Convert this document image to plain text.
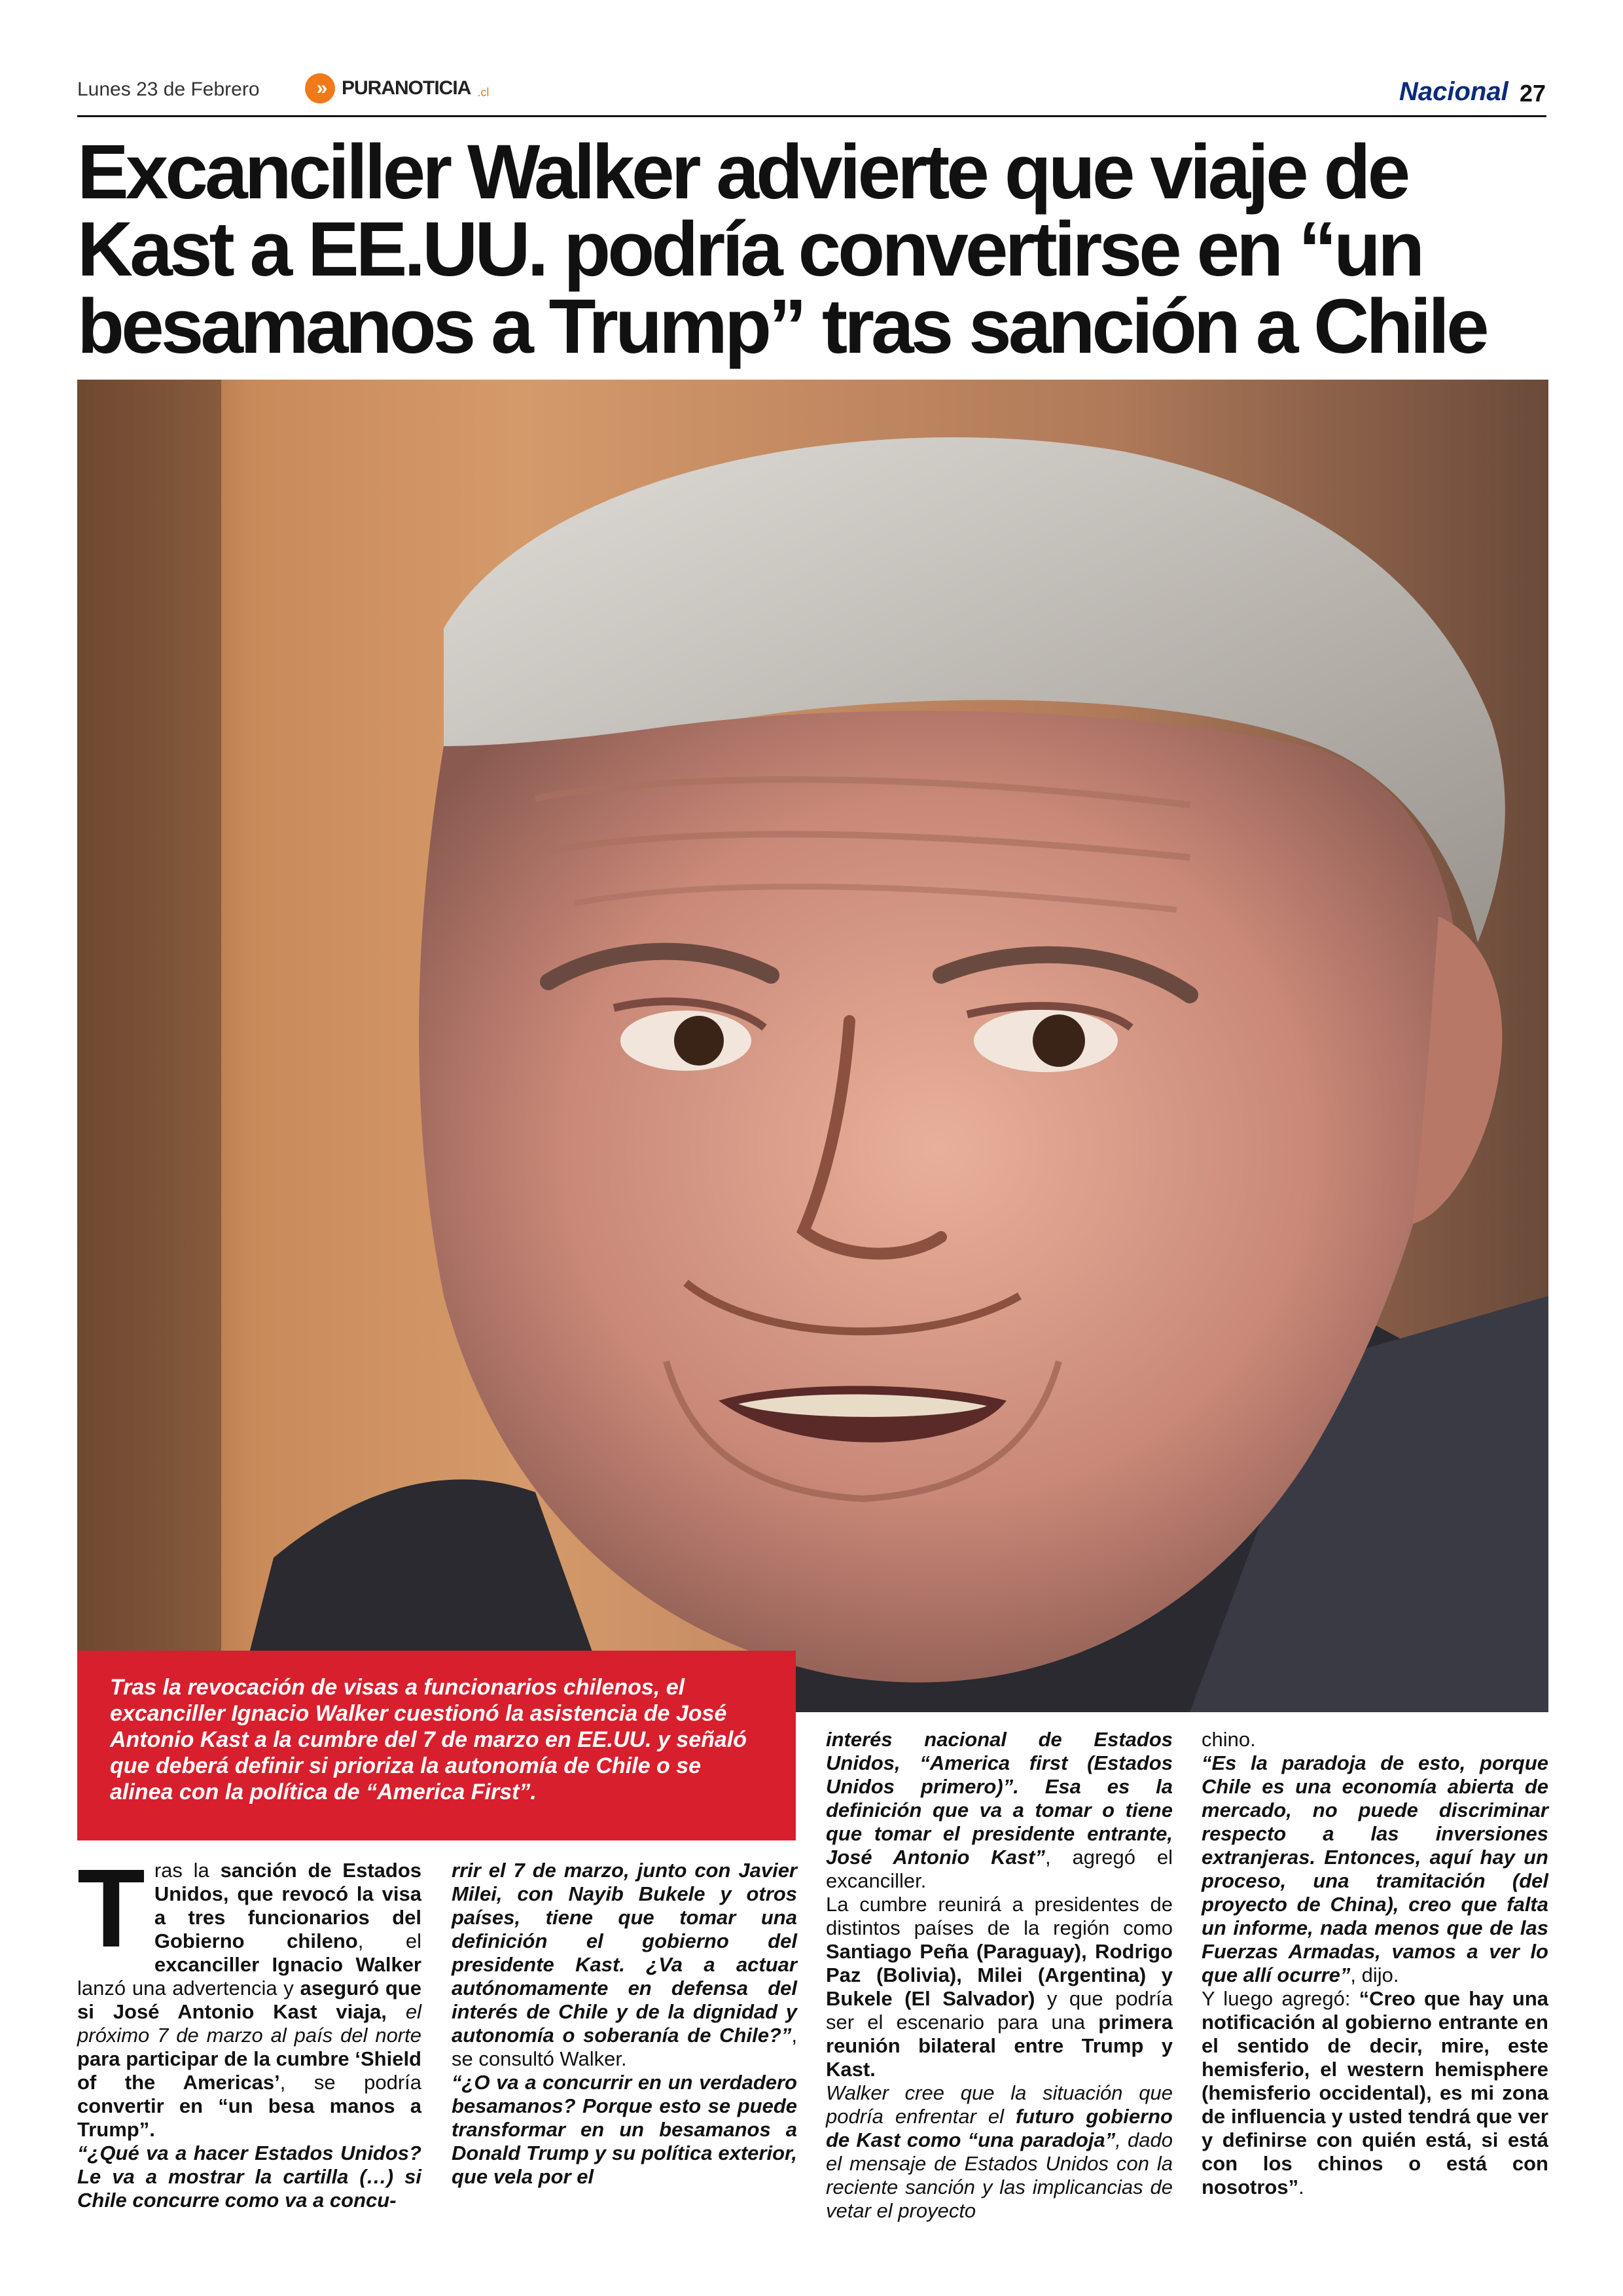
Lunes 23 de Febrero	» PURANOTICIA .cl	Nacional 27
Excanciller Walker advierte que viaje de Kast a EE.UU. podría convertirse en “un besamanos a Trump” tras sanción a Chile
Tras la revocación de visas a funcionarios chilenos, el excanciller Ignacio Walker cuestionó la asistencia de José Antonio Kast a la cumbre del 7 de marzo en EE.UU. y señaló que deberá definir si prioriza la autonomía de Chile o se alinea con la política de “America First”.

Tras la sanción de Estados Unidos, que revocó la visa a tres funcionarios del Gobierno chileno, el excanciller Ignacio Walker lanzó una advertencia y aseguró que si José Antonio Kast viaja, el próximo 7 de marzo al país del norte para participar de la cumbre ‘Shield of the Americas’, se podría convertir en “un besa manos a Trump”.

“¿Qué va a hacer Estados Unidos? Le va a mostrar la cartilla (…) si Chile concurre como va a concu-

rrir el 7 de marzo, junto con Javier Milei, con Nayib Bukele y otros países, tiene que tomar una definición el gobierno del presidente Kast. ¿Va a actuar autónomamente en defensa del interés de Chile y de la dignidad y autonomía o soberanía de Chile?”, se consultó Walker.

“¿O va a concurrir en un verdadero besamanos? Porque esto se puede transformar en un besamanos a Donald Trump y su política exterior, que vela por el

interés nacional de Estados Unidos, “America first (Estados Unidos primero)”. Esa es la definición que va a tomar o tiene que tomar el presidente entrante, José Antonio Kast”, agregó el excanciller.

La cumbre reunirá a presidentes de distintos países de la región como Santiago Peña (Paraguay), Rodrigo Paz (Bolivia), Milei (Argentina) y Bukele (El Salvador) y que podría ser el escenario para una primera reunión bilateral entre Trump y Kast.

Walker cree que la situación que podría enfrentar el futuro gobierno de Kast como “una paradoja”, dado el mensaje de Estados Unidos con la reciente sanción y las implicancias de vetar el proyecto

chino.

“Es la paradoja de esto, porque Chile es una economía abierta de mercado, no puede discriminar respecto a las inversiones extranjeras. Entonces, aquí hay un proceso, una tramitación (del proyecto de China), creo que falta un informe, nada menos que de las Fuerzas Armadas, vamos a ver lo que allí ocurre”, dijo.

Y luego agregó: “Creo que hay una notificación al gobierno entrante en el sentido de decir, mire, este hemisferio, el western hemisphere (hemisferio occidental), es mi zona de influencia y usted tendrá que ver y definirse con quién está, si está con los chinos o está con nosotros”.
